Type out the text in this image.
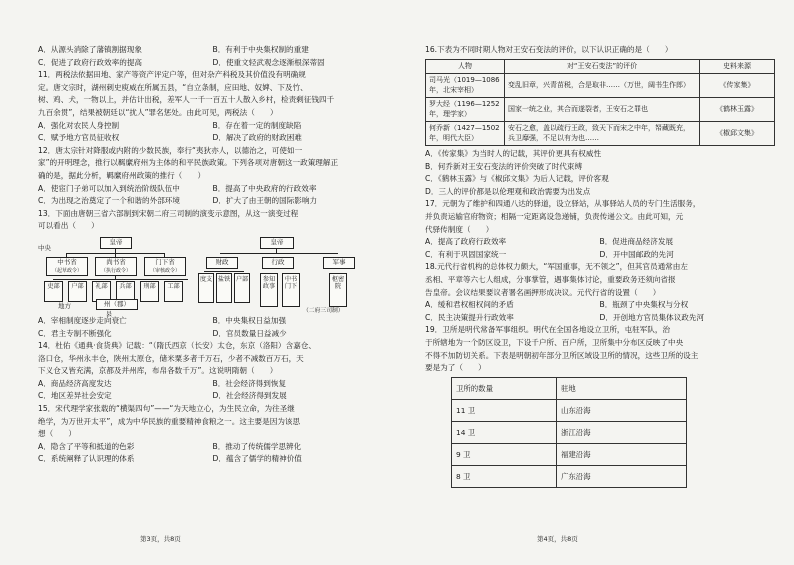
A．从源头消除了藩镇割据现象	B．有利于中央集权制的重建
C．促进了政府行政效率的提高	D．使重文轻武观念逐渐根深蒂固
11．两税法依据田地、家产等资产评定户等，但对杂产科税及其价值没有明确规
定。唐文宗时，湖州刺史庾威在所属五县，“自立条制，应田地、奴婢、下及竹、
树、鸡、犬，一物以上，并估计出税，差军人一千一百五十人散入乡村，检责剩征钱四千
九百余贯”，结果被朝廷以“扰人”罪名惩处。由此可见，两税法（　　）
A．强化对农民人身控制	B．存在着一定的制度缺陷
C．赋予地方官员征收权	D．解决了政府的财政困难
12．唐太宗针对降服或内附的少数民族，奉行“夷狄亦人，以德治之，可使如一
家”的开明理念，推行以羁縻府州为主体的和平民族政策。下列各项对唐朝这一政策理解正
确的是，据此分析，羁縻府州政策的推行（　　）
A．使宦门子弟可以加入到统治阶级队伍中	B．提高了中央政府的行政效率
C．为出现之治奠定了一个和谐的外部环境	D．扩大了由王朝的国际影响力
13．下面由唐朝三省六部制到宋朝二府三司制的演变示意图，从这一演变过程
可以看出（　　）
中央
皇帝
中书省
（起草政令）
尚书省
（执行政令）
门下省
（审核政令）
吏部	户部	礼部	兵部	刑部	工部
州（郡）
地方
县
皇帝
财政	行政	军事
度支 盐铁 户部	参知政事
中书门下
枢密院
（二府三司制）
A．宰相制度逐步走向衰亡	B．中央集权日益加强
C．君主专制不断强化	D．官员数量日益减少
14．杜佑《通典·食货典》记载：“（隋氏西京（长安）太仓，东京（洛阳）含嘉仓、
洛口仓，华州永丰仓，陕州太原仓，储米粟多者千万石，少者不减数百万石，天
下义仓又皆充满，京都及并州库，布帛各数千万”。这说明隋朝（　　）
A．商品经济高度发达	B．社会经济得到恢复
C．地区差异社会安定	D．社会经济得到发展
15．宋代理学家张载的“横渠四句”——“为天地立心，为生民立命，为往圣继
绝学，为万世开太平”，成为中华民族的重要精神食粮之一。这主要是因为该思
想（　　）
A．隐含了平等和抵道的色彩	B．推动了传统儒学思辨化
C．系统阐释了认识理的体系	D．蕴含了儒学的精神价值
第3页，共8页
16.下表为不同时期人物对王安石变法的评价，以下认识正确的是（　　）
人物	对“王安石变法”的评价	史料来源
司马光（1019—1086年，北宋宰相）	变乱旧章，兴青苗税，合是取非……（万世，阔书生作郎）	《传家集》
罗大经（1196—1252年，理学家）	国家一统之业，其合而遂裂者，王安石之罪也	《鹤林玉露》
何乔新（1427—1502年，明代大臣）	安石之愈，盖以疏行王政，致天下而宋之中年，帑藏既充，兵卫靡强，不足以有为也……	《椒邱文集》
A．《传家集》为当时人的记载，其评价更具有权威性
B．何乔新对王安石变法的评价突破了时代束缚
C．《鹤林玉露》与《椒邱文集》为后人记载，评价客观
D．三人的评价都是以伦理观和政治需要为出发点
17．元朝为了维护和四通八达的驿道，设立驿站，从事驿站人员的专门生活服务，
并负责运输官府物资；相隔一定距离设急递铺，负责传递公文。由此可知，元
代驿传制度（　　）
A．提高了政府行政效率	B．促进商品经济发展
C．有利于巩固国家统一	D．开中国邮政的先河
18.元代行省机构的总体权力颇大，“军国重事，无不领之”，但其官员通常由左
丞相、平章等六七人组成，分事掌管，遇事集体讨论，重要政务还须向省报
告皇帝。会议结果要议者署名画押形成决议。元代行省的设置（　　）
A．缓和君权相权间的矛盾	B．瓶颈了中央集权与分权
C．民主决策提升行政效率	D．开创地方官员集体议政先河
19．卫所是明代常备军事组织。明代在全国各地设立卫所，屯驻军队，治
于所辖地为一个防区设卫，下设千户所、百户所，卫所集中分布区反映了中央
不得不加防切关系。下表是明朝初年部分卫所区域设卫所的情况，这些卫所的设主
要是为了（　　）
卫所的数量	驻地
11 卫	山东沿海
14 卫	浙江沿海
9 卫	福建沿海
8 卫	广东沿海
第4页，共8页
